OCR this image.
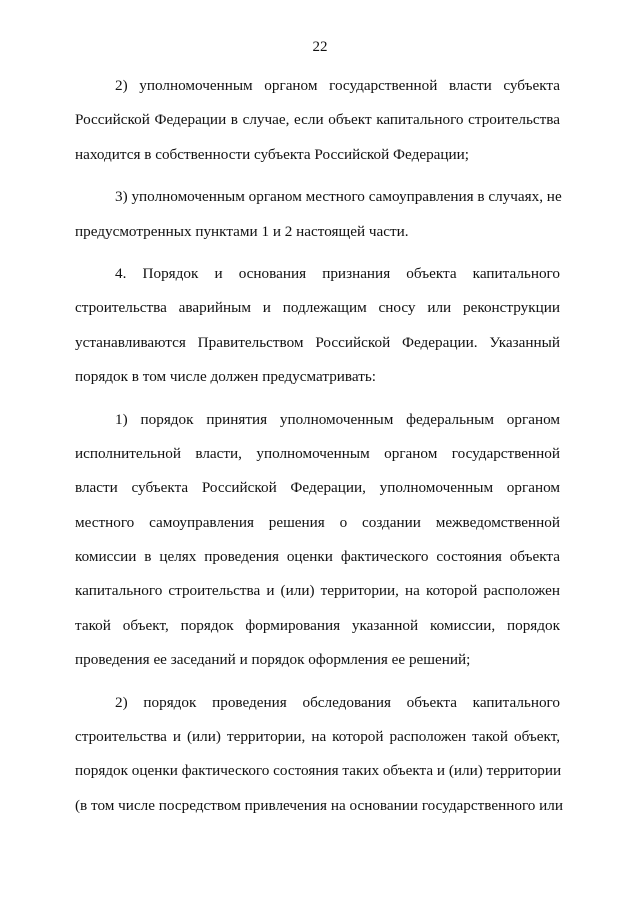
22
2) уполномоченным органом государственной власти субъекта
Российской Федерации в случае, если объект капитального строительства
находится в собственности субъекта Российской Федерации;
3) уполномоченным органом местного самоуправления в случаях, не
предусмотренных пунктами 1 и 2 настоящей части.
4. Порядок и основания признания объекта капитального
строительства аварийным и подлежащим сносу или реконструкции
устанавливаются Правительством Российской Федерации. Указанный
порядок в том числе должен предусматривать:
1) порядок принятия уполномоченным федеральным органом
исполнительной власти, уполномоченным органом государственной
власти субъекта Российской Федерации, уполномоченным органом
местного самоуправления решения о создании межведомственной
комиссии в целях проведения оценки фактического состояния объекта
капитального строительства и (или) территории, на которой расположен
такой объект, порядок формирования указанной комиссии, порядок
проведения ее заседаний и порядок оформления ее решений;
2) порядок проведения обследования объекта капитального
строительства и (или) территории, на которой расположен такой объект,
порядок оценки фактического состояния таких объекта и (или) территории
(в том числе посредством привлечения на основании государственного или
